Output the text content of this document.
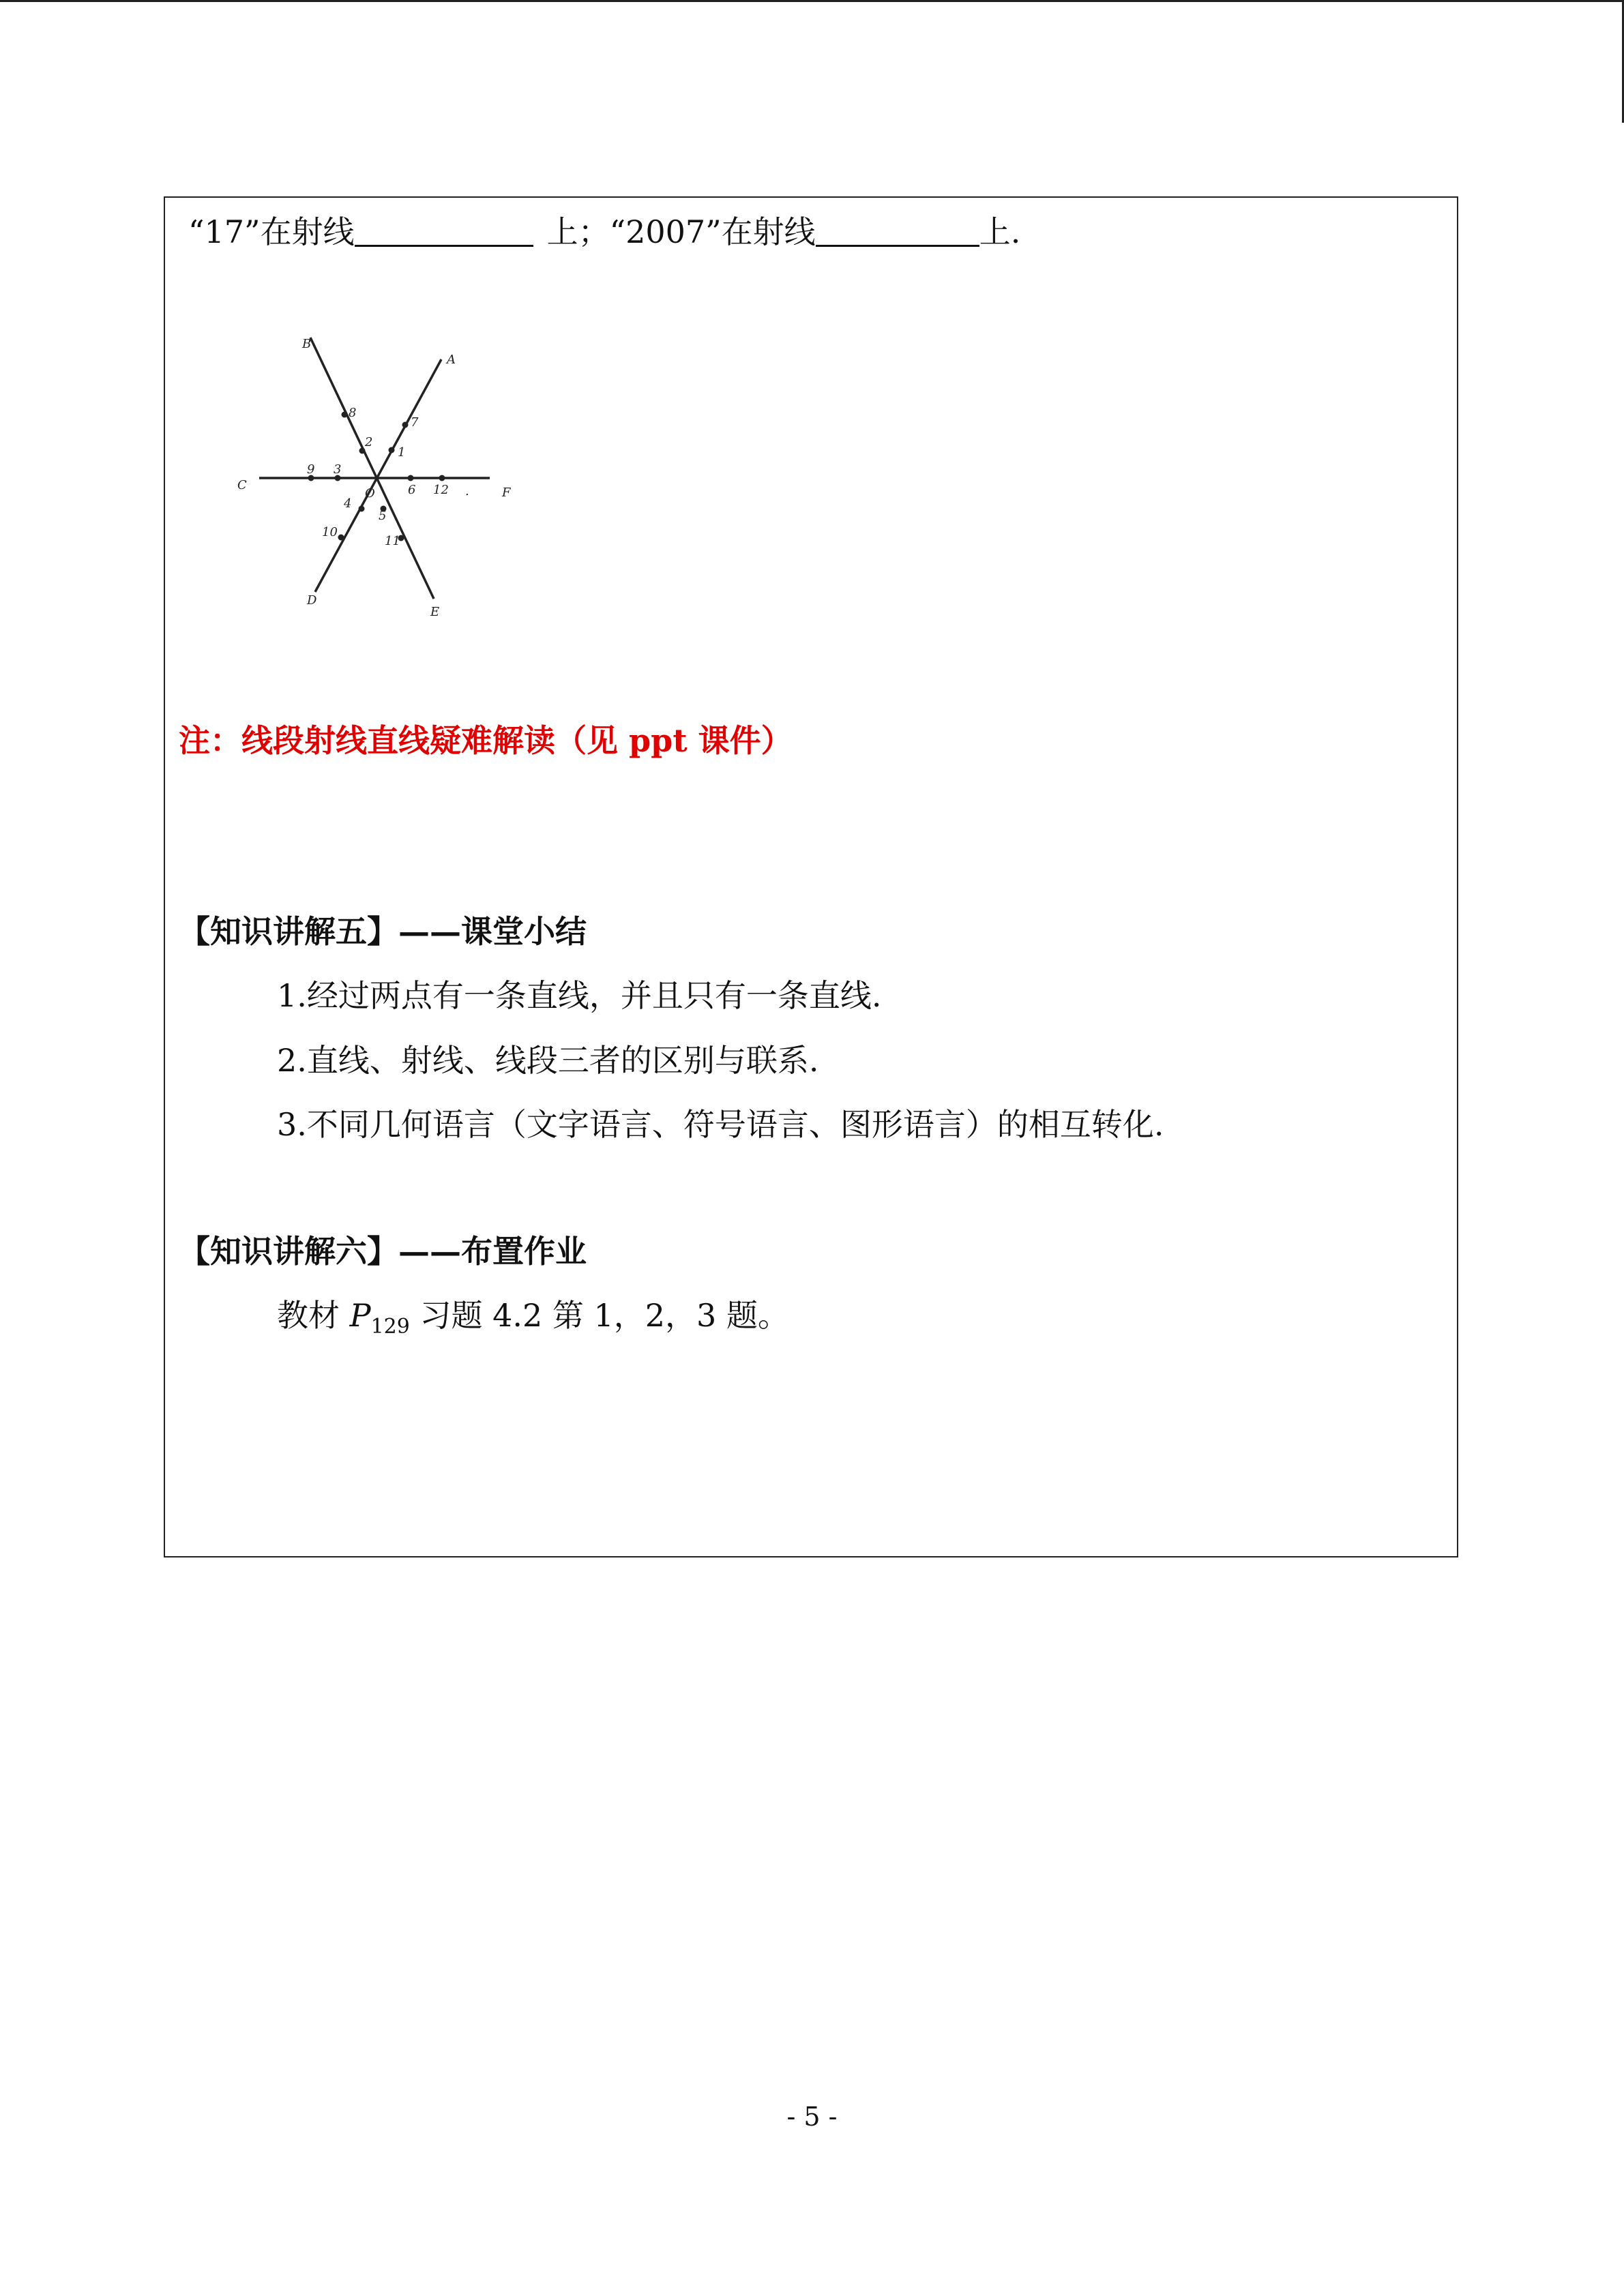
“17”在射线	上；“2007”在射线	上.
B
A
C
F
D
E
O
8
7
2
1
9 3
6 12 .
4
5
10
11
注：线段射线直线疑难解读（见 ppt 课件）
【知识讲解五】——课堂小结
1.经过两点有一条直线，并且只有一条直线.
2.直线、射线、线段三者的区别与联系.
3.不同几何语言（文字语言、符号语言、图形语言）的相互转化.
【知识讲解六】——布置作业
教材 $P_{129}$ 习题 4.2 第 1，2，3 题。
- 5 -
